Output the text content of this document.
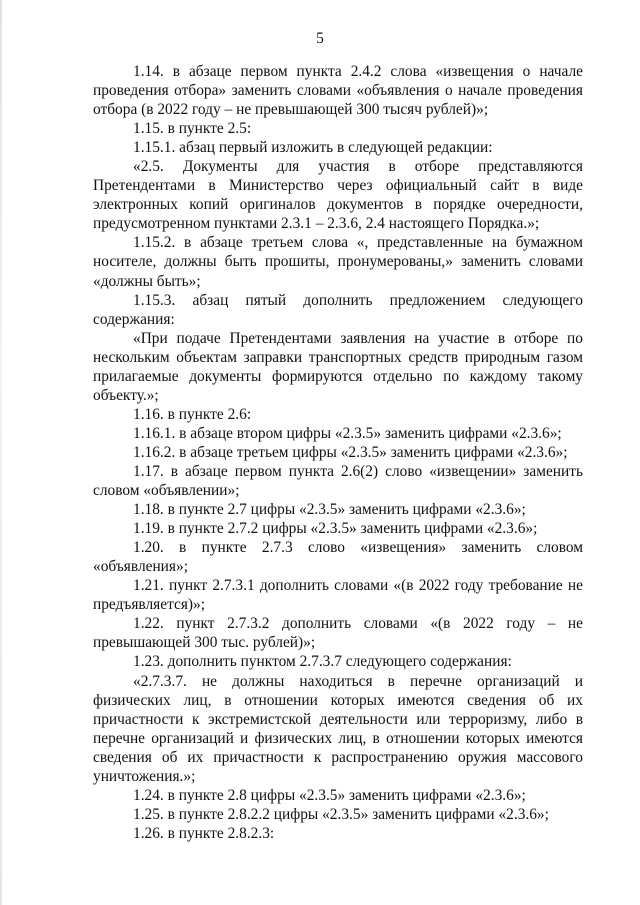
5

1.14. в абзаце первом пункта 2.4.2 слова «извещения о начале проведения отбора» заменить словами «объявления о начале проведения отбора (в 2022 году – не превышающей 300 тысяч рублей)»;

1.15. в пункте 2.5:

1.15.1. абзац первый изложить в следующей редакции:

«2.5. Документы для участия в отборе представляются Претендентами в Министерство через официальный сайт в виде электронных копий оригиналов документов в порядке очередности, предусмотренном пунктами 2.3.1 – 2.3.6, 2.4 настоящего Порядка.»;

1.15.2. в абзаце третьем слова «, представленные на бумажном носителе, должны быть прошиты, пронумерованы,» заменить словами «должны быть»;

1.15.3. абзац пятый дополнить предложением следующего содержания:

«При подаче Претендентами заявления на участие в отборе по нескольким объектам заправки транспортных средств природным газом прилагаемые документы формируются отдельно по каждому такому объекту.»;

1.16. в пункте 2.6:

1.16.1. в абзаце втором цифры «2.3.5» заменить цифрами «2.3.6»;

1.16.2. в абзаце третьем цифры «2.3.5» заменить цифрами «2.3.6»;

1.17. в абзаце первом пункта 2.6(2) слово «извещении» заменить словом «объявлении»;

1.18. в пункте 2.7 цифры «2.3.5» заменить цифрами «2.3.6»;

1.19. в пункте 2.7.2 цифры «2.3.5» заменить цифрами «2.3.6»;

1.20. в пункте 2.7.3 слово «извещения» заменить словом «объявления»;

1.21. пункт 2.7.3.1 дополнить словами «(в 2022 году требование не предъявляется)»;

1.22. пункт 2.7.3.2 дополнить словами «(в 2022 году – не превышающей 300 тыс. рублей)»;

1.23. дополнить пунктом 2.7.3.7 следующего содержания:

«2.7.3.7. не должны находиться в перечне организаций и физических лиц, в отношении которых имеются сведения об их причастности к экстремистской деятельности или терроризму, либо в перечне организаций и физических лиц, в отношении которых имеются сведения об их причастности к распространению оружия массового уничтожения.»;

1.24. в пункте 2.8 цифры «2.3.5» заменить цифрами «2.3.6»;

1.25. в пункте 2.8.2.2 цифры «2.3.5» заменить цифрами «2.3.6»;

1.26. в пункте 2.8.2.3:
